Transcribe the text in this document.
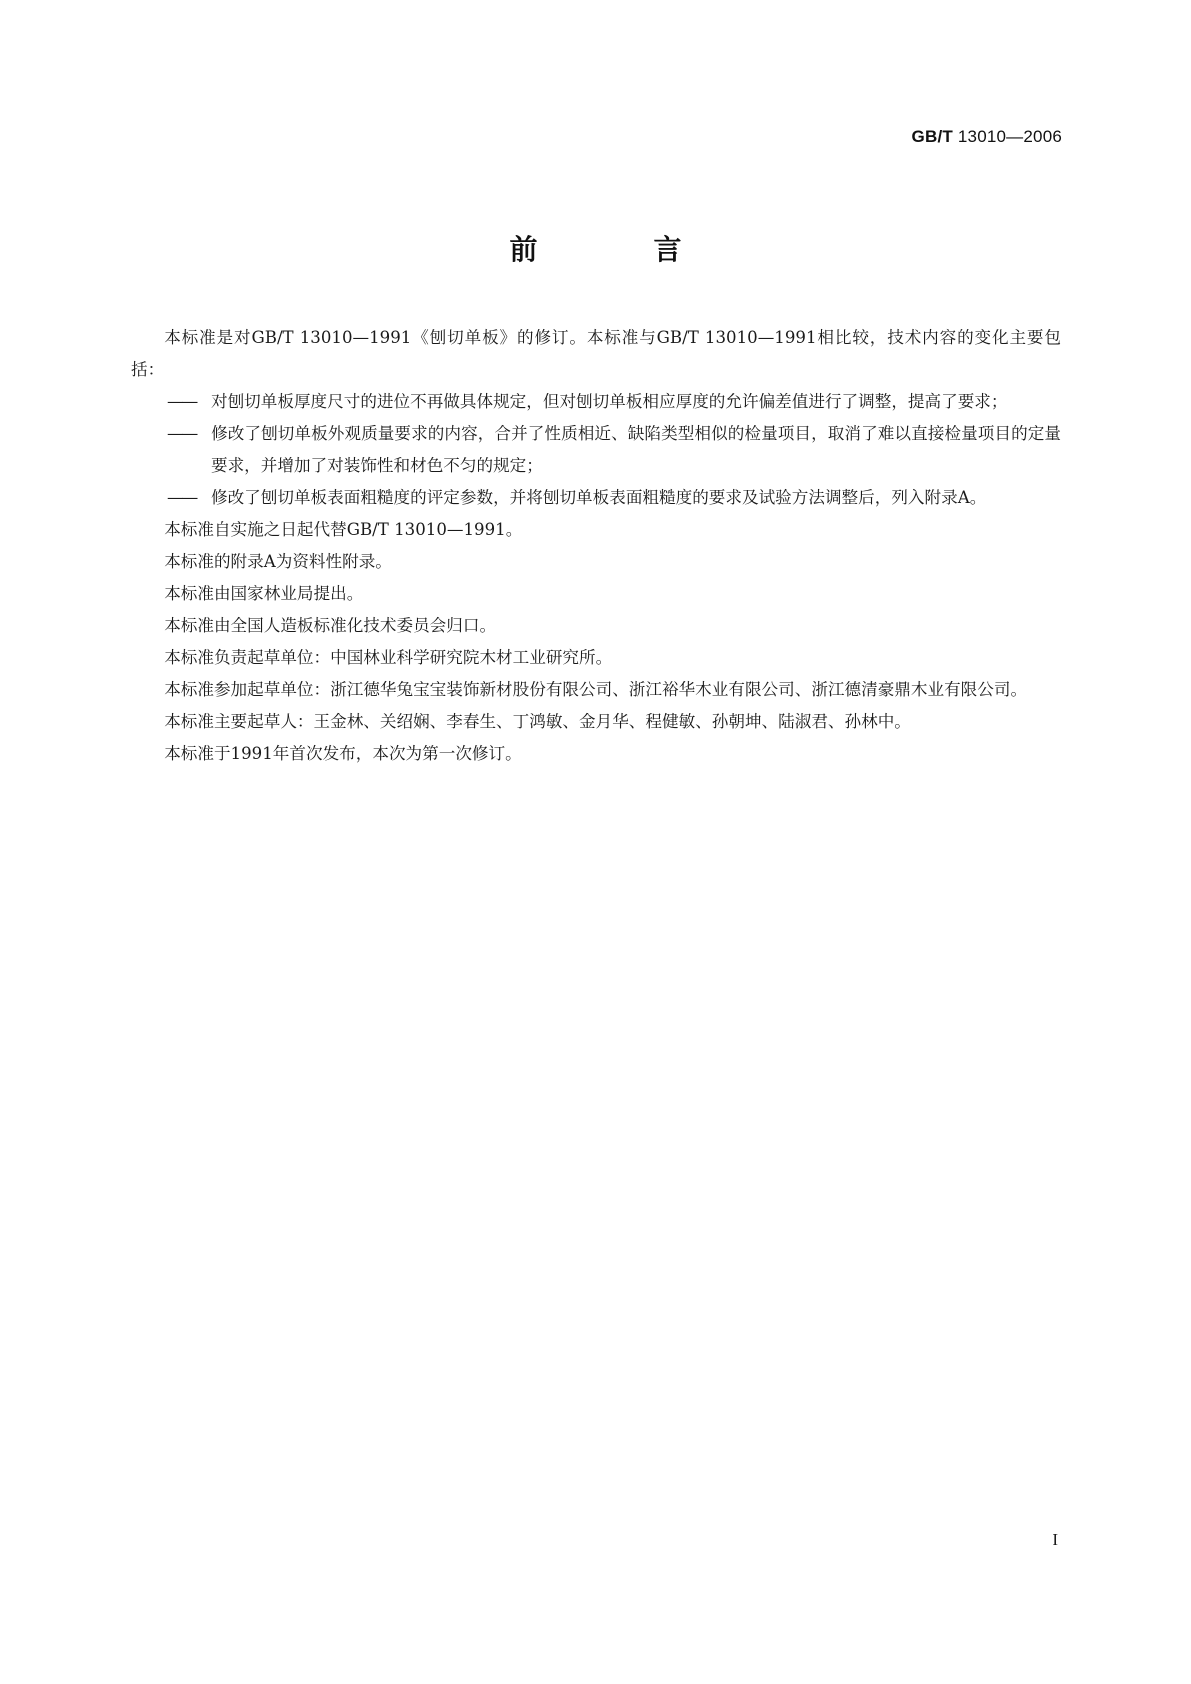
GB/T 13010—2006
前　言

本标准是对GB/T 13010—1991《刨切单板》的修订。本标准与GB/T 13010—1991相比较，技术内容的变化主要包括：

—— 对刨切单板厚度尺寸的进位不再做具体规定，但对刨切单板相应厚度的允许偏差值进行了调整，提高了要求；

—— 修改了刨切单板外观质量要求的内容，合并了性质相近、缺陷类型相似的检量项目，取消了难以直接检量项目的定量要求，并增加了对装饰性和材色不匀的规定；

—— 修改了刨切单板表面粗糙度的评定参数，并将刨切单板表面粗糙度的要求及试验方法调整后，列入附录A。

本标准自实施之日起代替GB/T 13010—1991。

本标准的附录A为资料性附录。

本标准由国家林业局提出。

本标准由全国人造板标准化技术委员会归口。

本标准负责起草单位：中国林业科学研究院木材工业研究所。

本标准参加起草单位：浙江德华兔宝宝装饰新材股份有限公司、浙江裕华木业有限公司、浙江德清豪鼎木业有限公司。

本标准主要起草人：王金林、关绍娴、李春生、丁鸿敏、金月华、程健敏、孙朝坤、陆淑君、孙林中。

本标准于1991年首次发布，本次为第一次修订。

I
